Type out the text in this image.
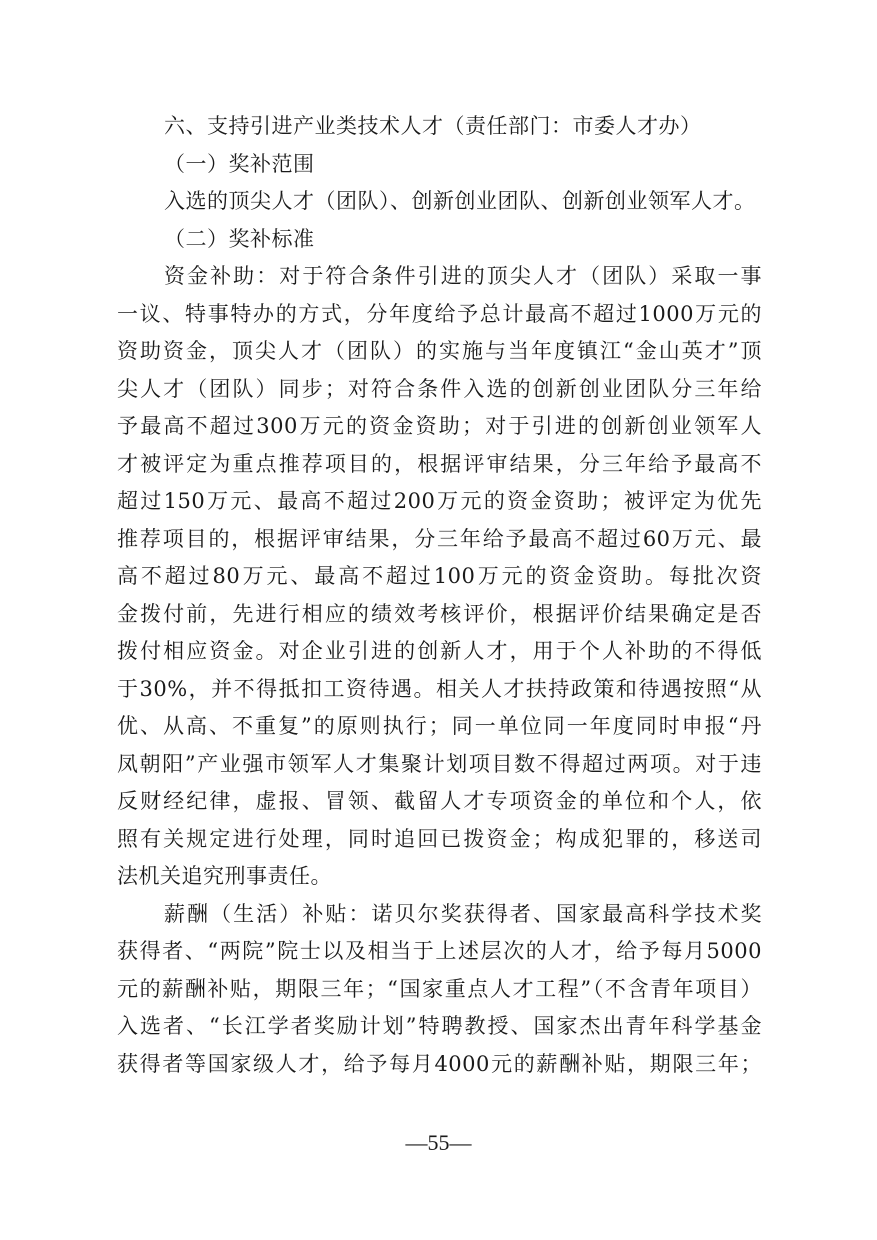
六、支持引进产业类技术人才（责任部门：市委人才办）
（一）奖补范围
入选的顶尖人才（团队）、创新创业团队、创新创业领军人才。
（二）奖补标准
资金补助：对于符合条件引进的顶尖人才（团队）采取一事
一议、特事特办的方式，分年度给予总计最高不超过1000万元的
资助资金，顶尖人才（团队）的实施与当年度镇江“金山英才”顶
尖人才（团队）同步；对符合条件入选的创新创业团队分三年给
予最高不超过300万元的资金资助；对于引进的创新创业领军人
才被评定为重点推荐项目的，根据评审结果，分三年给予最高不
超过150万元、最高不超过200万元的资金资助；被评定为优先
推荐项目的，根据评审结果，分三年给予最高不超过60万元、最
高不超过80万元、最高不超过100万元的资金资助。每批次资
金拨付前，先进行相应的绩效考核评价，根据评价结果确定是否
拨付相应资金。对企业引进的创新人才，用于个人补助的不得低
于30%，并不得抵扣工资待遇。相关人才扶持政策和待遇按照“从
优、从高、不重复”的原则执行；同一单位同一年度同时申报“丹
凤朝阳”产业强市领军人才集聚计划项目数不得超过两项。对于违
反财经纪律，虚报、冒领、截留人才专项资金的单位和个人，依
照有关规定进行处理，同时追回已拨资金；构成犯罪的，移送司
法机关追究刑事责任。
薪酬（生活）补贴：诺贝尔奖获得者、国家最高科学技术奖
获得者、“两院”院士以及相当于上述层次的人才，给予每月5000
元的薪酬补贴，期限三年；“国家重点人才工程”（不含青年项目）
入选者、“长江学者奖励计划”特聘教授、国家杰出青年科学基金
获得者等国家级人才，给予每月4000元的薪酬补贴，期限三年；
—55—
